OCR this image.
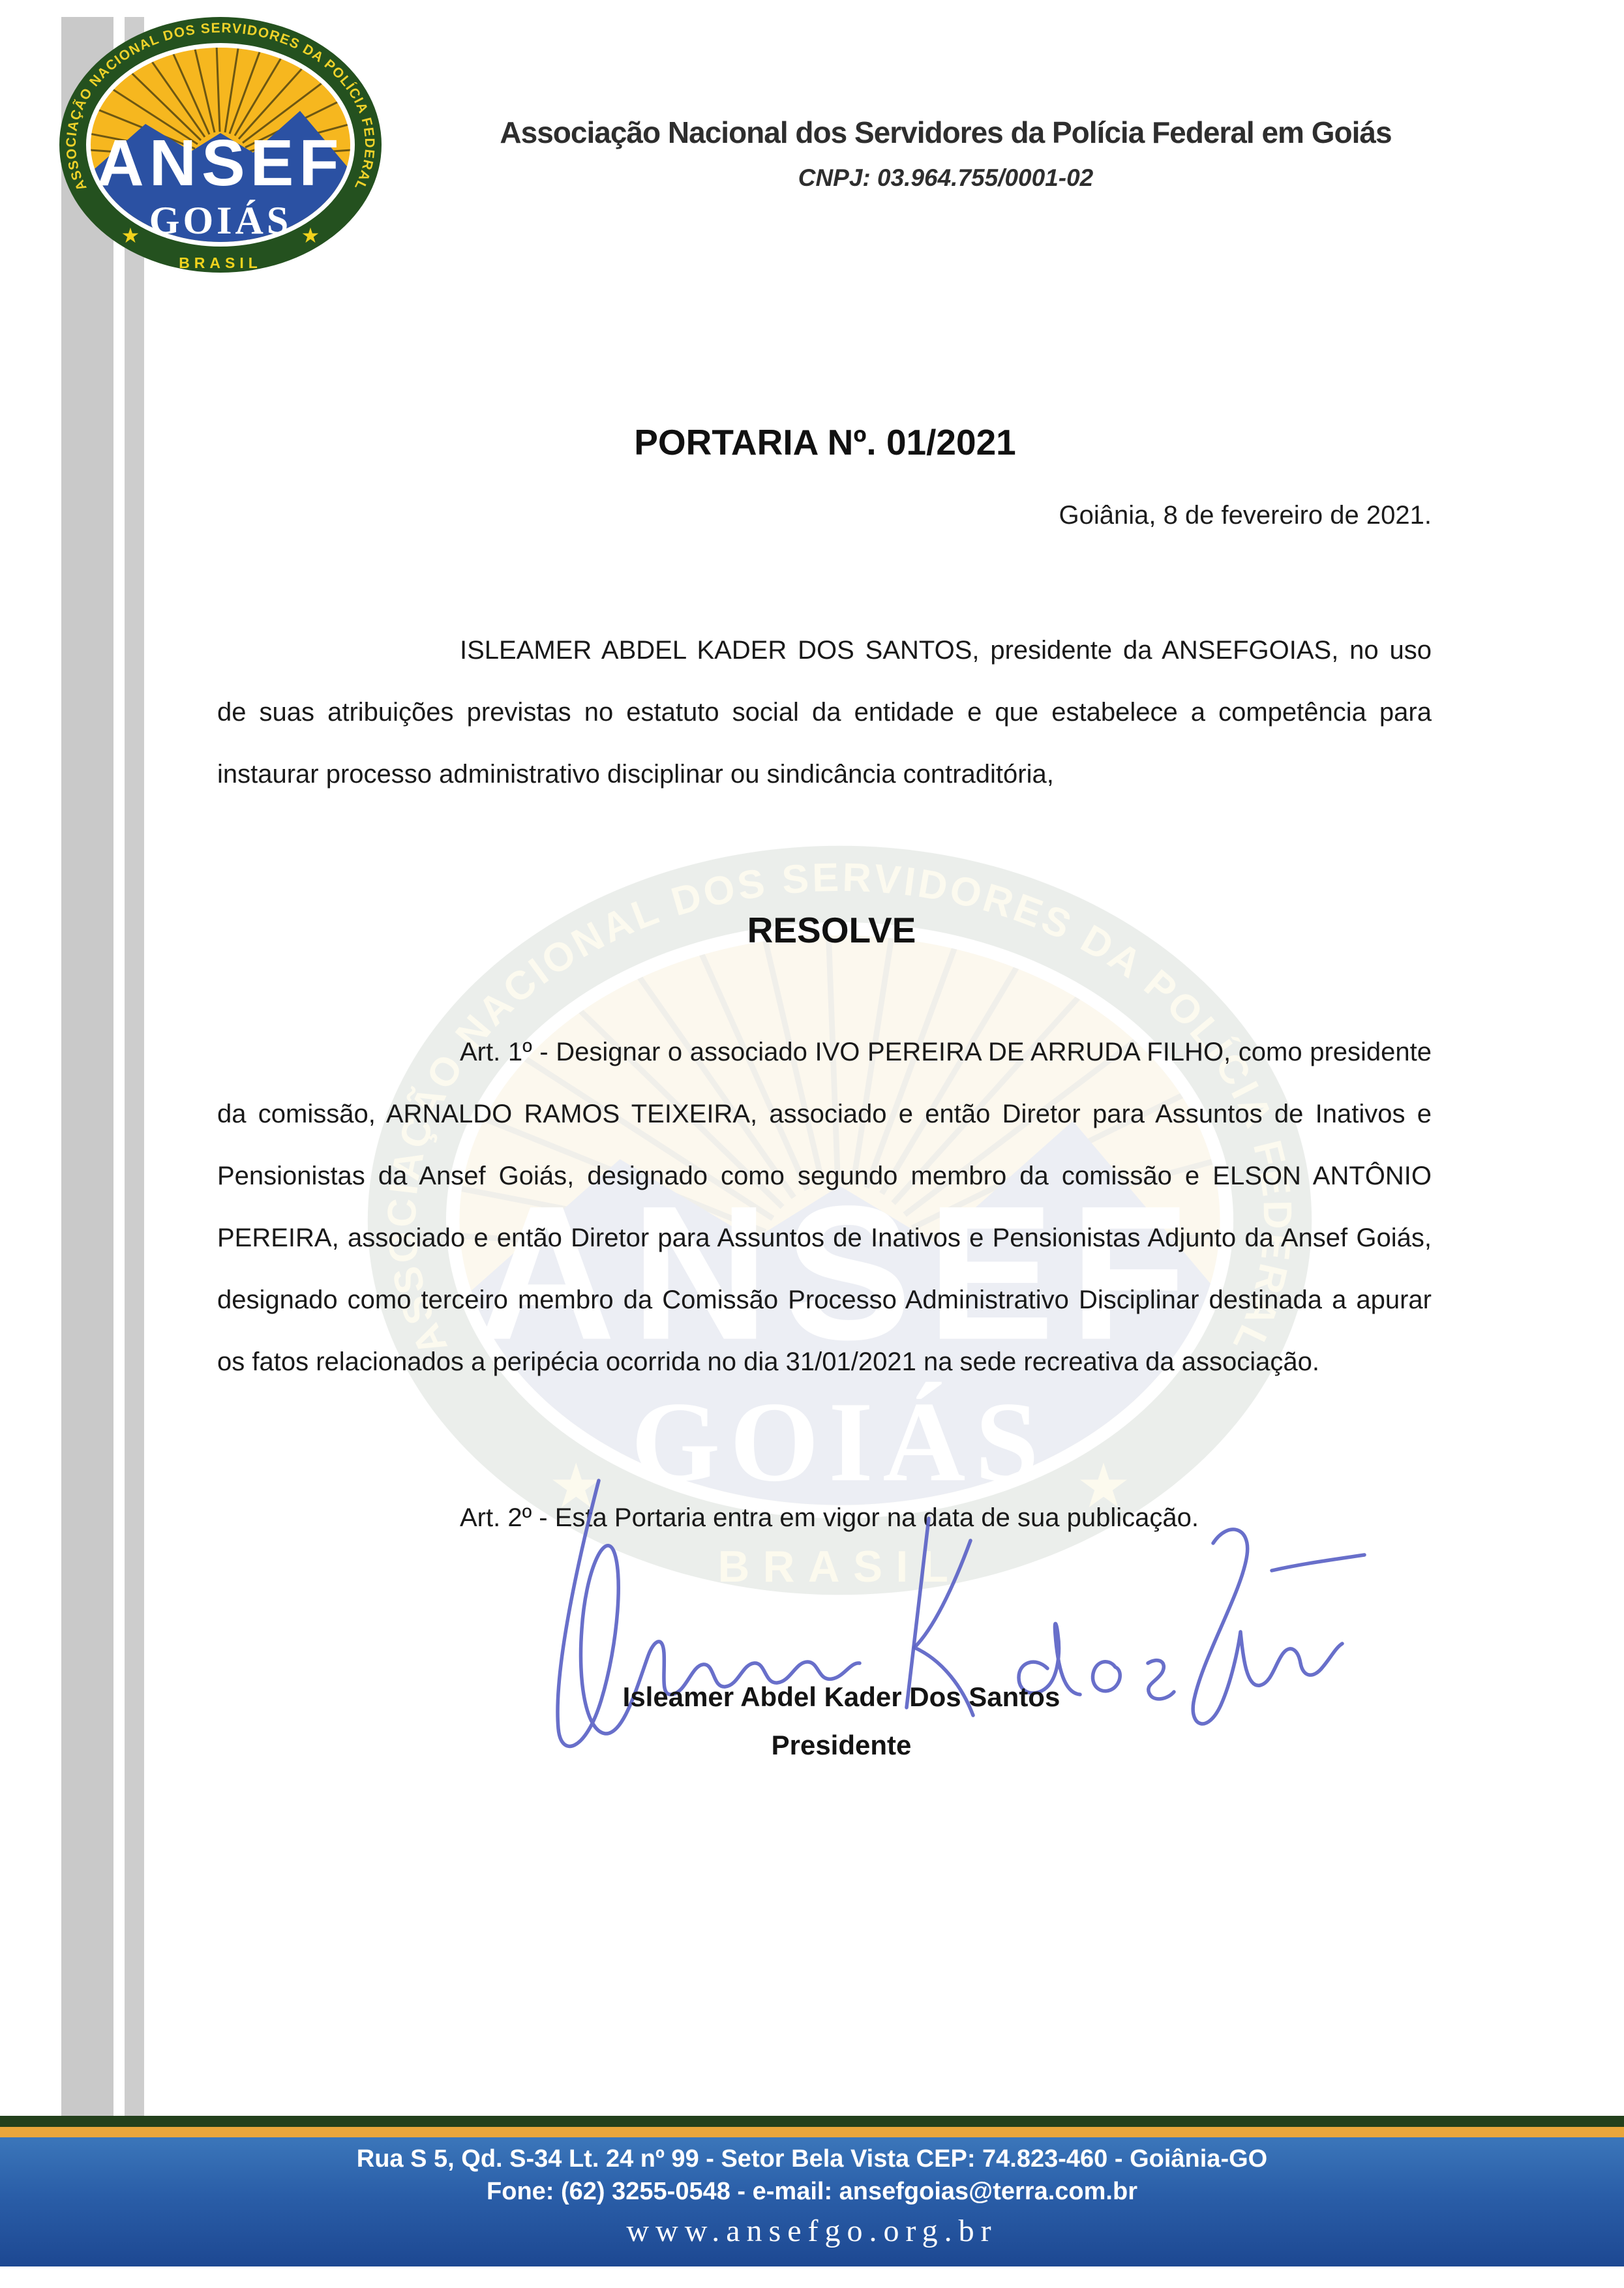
Associação Nacional dos Servidores da Polícia Federal em Goiás
CNPJ: 03.964.755/0001-02
PORTARIA Nº. 01/2021
Goiânia, 8 de fevereiro de 2021.

ISLEAMER ABDEL KADER DOS SANTOS, presidente da ANSEFGOIAS, no uso de suas atribuições previstas no estatuto social da entidade e que estabelece a competência para instaurar processo administrativo disciplinar ou sindicância contraditória,

RESOLVE

Art. 1º - Designar o associado IVO PEREIRA DE ARRUDA FILHO, como presidente da comissão, ARNALDO RAMOS TEIXEIRA, associado e então Diretor para Assuntos de Inativos e Pensionistas da Ansef Goiás, designado como segundo membro da comissão e ELSON ANTÔNIO PEREIRA, associado e então Diretor para Assuntos de Inativos e Pensionistas Adjunto da Ansef Goiás, designado como terceiro membro da Comissão Processo Administrativo Disciplinar destinada a apurar os fatos relacionados a peripécia ocorrida no dia 31/01/2021 na sede recreativa da associação.

Art. 2º - Esta Portaria entra em vigor na data de sua publicação.

Isleamer Abdel Kader Dos Santos
Presidente
Rua S 5, Qd. S-34 Lt. 24 nº 99 - Setor Bela Vista CEP: 74.823-460 - Goiânia-GO
Fone: (62) 3255-0548 - e-mail: ansefgoias@terra.com.br
www.ansefgo.org.br
